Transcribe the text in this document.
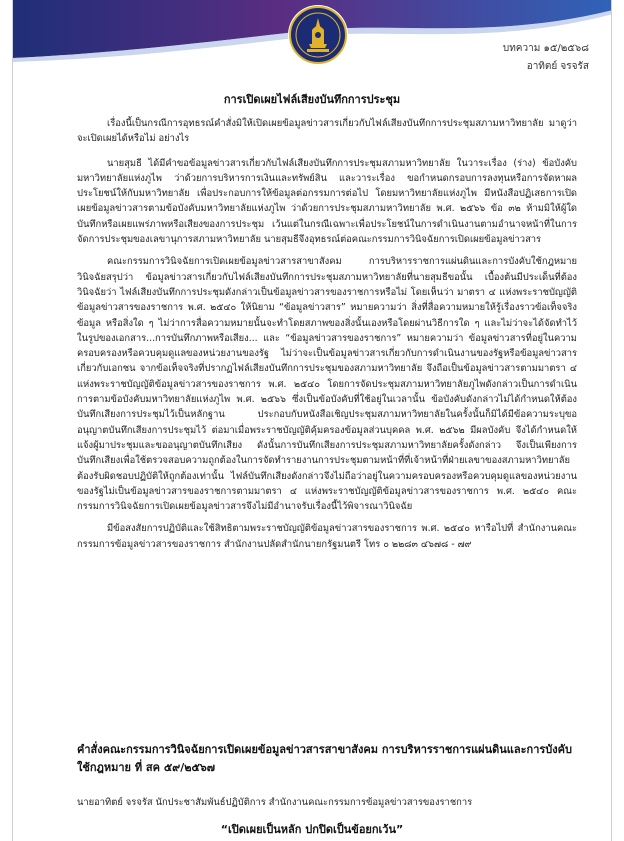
บทความ ๑๕/๒๕๖๘
อาทิตย์ จรจรัส
การเปิดเผยไฟล์เสียงบันทึกการประชุม

เรื่องนี้เป็นกรณีการอุทธรณ์คำสั่งมิให้เปิดเผยข้อมูลข่าวสารเกี่ยวกับไฟล์เสียงบันทึกการประชุมสภามหาวิทยาลัย มาดูว่าจะเปิดเผยได้หรือไม่ อย่างไร

นายสุมธี ได้มีคำขอข้อมูลข่าวสารเกี่ยวกับไฟล์เสียงบันทึกการประชุมสภามหาวิทยาลัย ในวาระเรื่อง (ร่าง) ข้อบังคับมหาวิทยาลัยแห่งภูไพ ว่าด้วยการบริหารการเงินและทรัพย์สิน และวาระเรื่อง ขอกำหนดกรอบการลงทุนหรือการจัดหาผลประโยชน์ให้กับมหาวิทยาลัย เพื่อประกอบการให้ข้อมูลต่อกรรมการต่อไป โดยมหาวิทยาลัยแห่งภูไพ มีหนังสือปฏิเสธการเปิดเผยข้อมูลข่าวสารตามข้อบังคับมหาวิทยาลัยแห่งภูไพ ว่าด้วยการประชุมสภามหาวิทยาลัย พ.ศ. ๒๕๖๖ ข้อ ๓๒ ห้ามมิให้ผู้ใดบันทึกหรือเผยแพร่ภาพหรือเสียงของการประชุม เว้นแต่ในกรณีเฉพาะเพื่อประโยชน์ในการดำเนินงานตามอำนาจหน้าที่ในการจัดการประชุมของเลขานุการสภามหาวิทยาลัย นายสุมธีจึงอุทธรณ์ต่อคณะกรรมการวินิจฉัยการเปิดเผยข้อมูลข่าวสาร

คณะกรรมการวินิจฉัยการเปิดเผยข้อมูลข่าวสารสาขาสังคม การบริหารราชการแผ่นดินและการบังคับใช้กฎหมายวินิจฉัยสรุปว่า ข้อมูลข่าวสารเกี่ยวกับไฟล์เสียงบันทึกการประชุมสภามหาวิทยาลัยที่นายสุมธีขอนั้น เบื้องต้นมีประเด็นที่ต้องวินิจฉัยว่า ไฟล์เสียงบันทึกการประชุมดังกล่าวเป็นข้อมูลข่าวสารของราชการหรือไม่ โดยเห็นว่า มาตรา ๔ แห่งพระราชบัญญัติข้อมูลข่าวสารของราชการ พ.ศ. ๒๕๔๐ ให้นิยาม “ข้อมูลข่าวสาร” หมายความว่า สิ่งที่สื่อความหมายให้รู้เรื่องราวข้อเท็จจริง ข้อมูล หรือสิ่งใด ๆ ไม่ว่าการสื่อความหมายนั้นจะทำโดยสภาพของสิ่งนั้นเองหรือโดยผ่านวิธีการใด ๆ และไม่ว่าจะได้จัดทำไว้ในรูปของเอกสาร...การบันทึกภาพหรือเสียง... และ “ข้อมูลข่าวสารของราชการ” หมายความว่า ข้อมูลข่าวสารที่อยู่ในความครอบครองหรือควบคุมดูแลของหน่วยงานของรัฐ ไม่ว่าจะเป็นข้อมูลข่าวสารเกี่ยวกับการดำเนินงานของรัฐหรือข้อมูลข่าวสารเกี่ยวกับเอกชน จากข้อเท็จจริงที่ปรากฏไฟล์เสียงบันทึกการประชุมของสภามหาวิทยาลัย จึงถือเป็นข้อมูลข่าวสารตามมาตรา ๔ แห่งพระราชบัญญัติข้อมูลข่าวสารของราชการ พ.ศ. ๒๕๔๐ โดยการจัดประชุมสภามหาวิทยาลัยภูไพดังกล่าวเป็นการดำเนินการตามข้อบังคับมหาวิทยาลัยแห่งภูไพ พ.ศ. ๒๕๖๖ ซึ่งเป็นข้อบังคับที่ใช้อยู่ในเวลานั้น ข้อบังคับดังกล่าวไม่ได้กำหนดให้ต้องบันทึกเสียงการประชุมไว้เป็นหลักฐาน ประกอบกับหนังสือเชิญประชุมสภามหาวิทยาลัยในครั้งนั้นก็มิได้มีข้อความระบุขออนุญาตบันทึกเสียงการประชุมไว้ ต่อมาเมื่อพระราชบัญญัติคุ้มครองข้อมูลส่วนบุคคล พ.ศ. ๒๕๖๒ มีผลบังคับ จึงได้กำหนดให้แจ้งผู้มาประชุมและขออนุญาตบันทึกเสียง ดังนั้นการบันทึกเสียงการประชุมสภามหาวิทยาลัยครั้งดังกล่าว จึงเป็นเพียงการบันทึกเสียงเพื่อใช้ตรวจสอบความถูกต้องในการจัดทำรายงานการประชุมตามหน้าที่ที่เจ้าหน้าที่ฝ่ายเลขาของสภามหาวิทยาลัยต้องรับผิดชอบปฏิบัติให้ถูกต้องเท่านั้น ไฟล์บันทึกเสียงดังกล่าวจึงไม่ถือว่าอยู่ในความครอบครองหรือควบคุมดูแลของหน่วยงานของรัฐไม่เป็นข้อมูลข่าวสารของราชการตามมาตรา ๔ แห่งพระราชบัญญัติข้อมูลข่าวสารของราชการ พ.ศ. ๒๕๔๐ คณะกรรมการวินิจฉัยการเปิดเผยข้อมูลข่าวสารจึงไม่มีอำนาจรับเรื่องนี้ไว้พิจารณาวินิจฉัย

มีข้อสงสัยการปฏิบัติและใช้สิทธิตามพระราชบัญญัติข้อมูลข่าวสารของราชการ พ.ศ. ๒๕๔๐ หารือไปที่ สำนักงานคณะกรรมการข้อมูลข่าวสารของราชการ สำนักงานปลัดสำนักนายกรัฐมนตรี โทร ๐ ๒๒๘๓ ๔๖๗๘ - ๗๙

คำสั่งคณะกรรมการวินิจฉัยการเปิดเผยข้อมูลข่าวสารสาขาสังคม การบริหารราชการแผ่นดินและการบังคับใช้กฎหมาย ที่ สค ๕๙/๒๕๖๗
นายอาทิตย์ จรจรัส นักประชาสัมพันธ์ปฏิบัติการ สำนักงานคณะกรรมการข้อมูลข่าวสารของราชการ
“เปิดเผยเป็นหลัก ปกปิดเป็นข้อยกเว้น”
